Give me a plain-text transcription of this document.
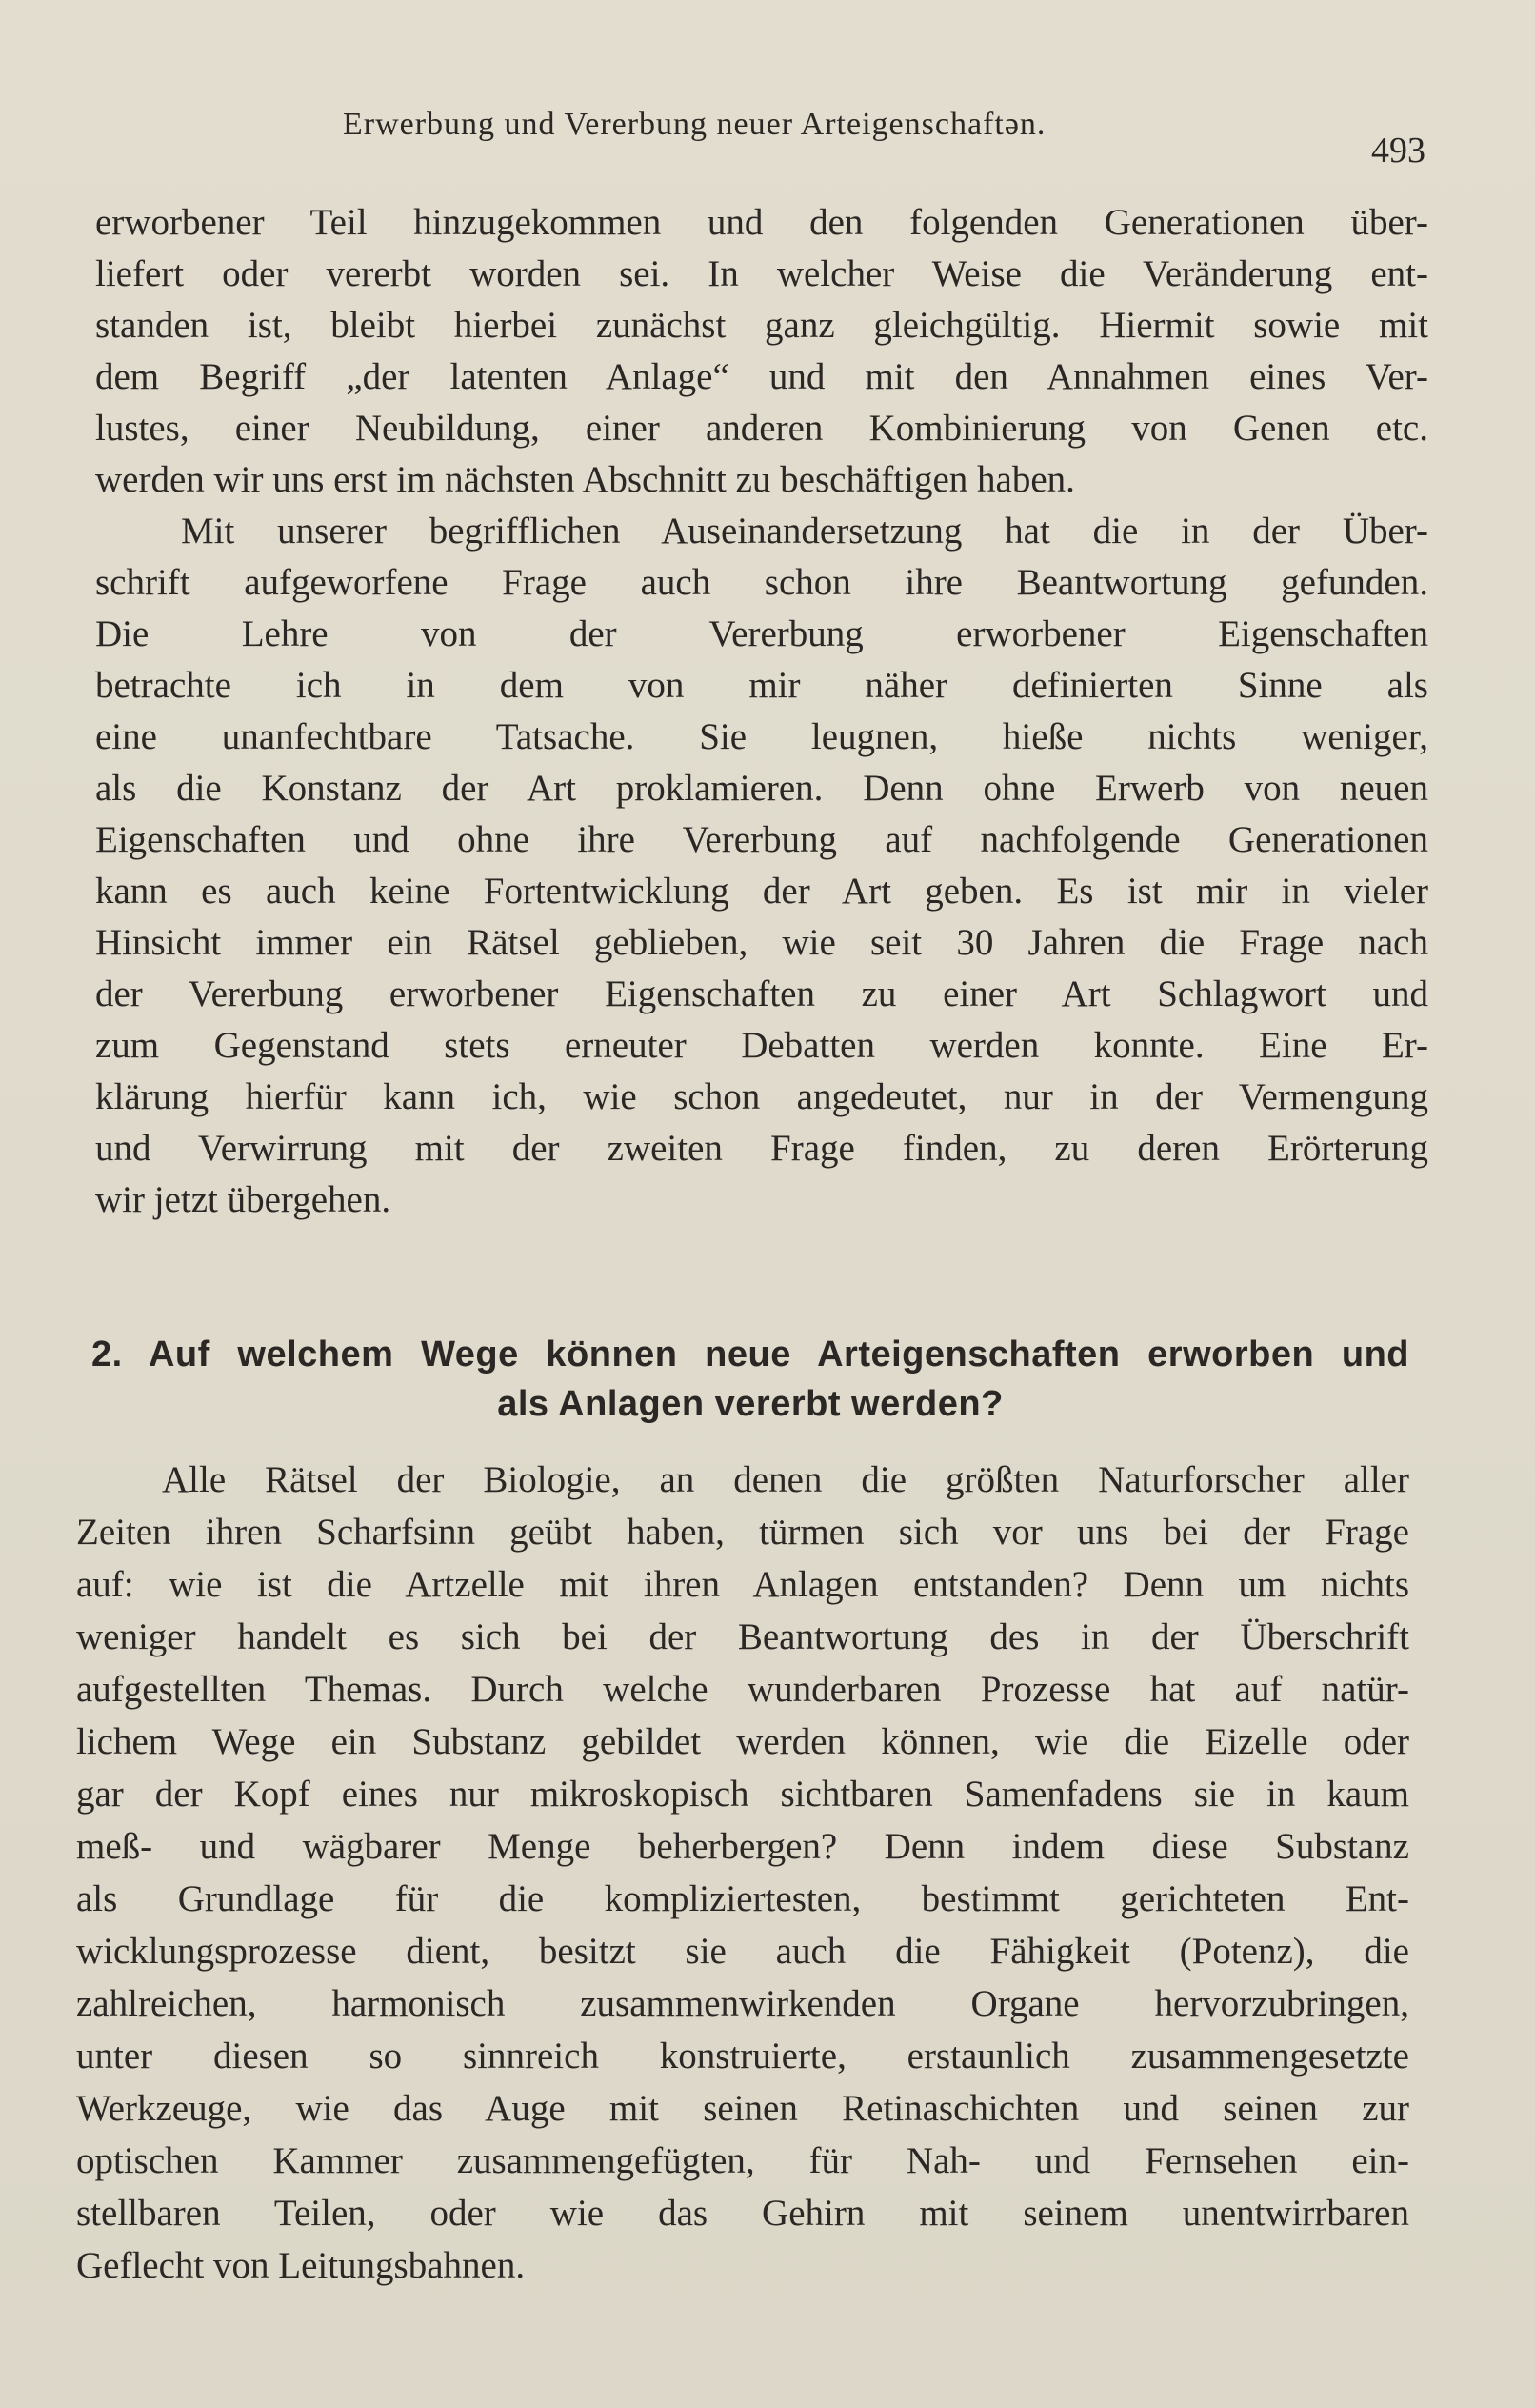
Erwerbung und Vererbung neuer Arteigenschaftən.
493
erworbener Teil hinzugekommen und den folgenden Generationen über-
liefert oder vererbt worden sei. In welcher Weise die Veränderung ent-
standen ist, bleibt hierbei zunächst ganz gleichgültig. Hiermit sowie mit
dem Begriff „der latenten Anlage“ und mit den Annahmen eines Ver-
lustes, einer Neubildung, einer anderen Kombinierung von Genen etc.
werden wir uns erst im nächsten Abschnitt zu beschäftigen haben.
Mit unserer begrifflichen Auseinandersetzung hat die in der Über-
schrift aufgeworfene Frage auch schon ihre Beantwortung gefunden.
Die Lehre von der Vererbung erworbener Eigenschaften
betrachte ich in dem von mir näher definierten Sinne als
eine unanfechtbare Tatsache. Sie leugnen, hieße nichts weniger,
als die Konstanz der Art proklamieren. Denn ohne Erwerb von neuen
Eigenschaften und ohne ihre Vererbung auf nachfolgende Generationen
kann es auch keine Fortentwicklung der Art geben. Es ist mir in vieler
Hinsicht immer ein Rätsel geblieben, wie seit 30 Jahren die Frage nach
der Vererbung erworbener Eigenschaften zu einer Art Schlagwort und
zum Gegenstand stets erneuter Debatten werden konnte. Eine Er-
klärung hierfür kann ich, wie schon angedeutet, nur in der Vermengung
und Verwirrung mit der zweiten Frage finden, zu deren Erörterung
wir jetzt übergehen.
2. Auf welchem Wege können neue Arteigenschaften erworben und
als Anlagen vererbt werden?
Alle Rätsel der Biologie, an denen die größten Naturforscher aller
Zeiten ihren Scharfsinn geübt haben, türmen sich vor uns bei der Frage
auf: wie ist die Artzelle mit ihren Anlagen entstanden? Denn um nichts
weniger handelt es sich bei der Beantwortung des in der Überschrift
aufgestellten Themas. Durch welche wunderbaren Prozesse hat auf natür-
lichem Wege ein Substanz gebildet werden können, wie die Eizelle oder
gar der Kopf eines nur mikroskopisch sichtbaren Samenfadens sie in kaum
meß- und wägbarer Menge beherbergen? Denn indem diese Substanz
als Grundlage für die kompliziertesten, bestimmt gerichteten Ent-
wicklungsprozesse dient, besitzt sie auch die Fähigkeit (Potenz), die
zahlreichen, harmonisch zusammenwirkenden Organe hervorzubringen,
unter diesen so sinnreich konstruierte, erstaunlich zusammengesetzte
Werkzeuge, wie das Auge mit seinen Retinaschichten und seinen zur
optischen Kammer zusammengefügten, für Nah- und Fernsehen ein-
stellbaren Teilen, oder wie das Gehirn mit seinem unentwirrbaren
Geflecht von Leitungsbahnen.
